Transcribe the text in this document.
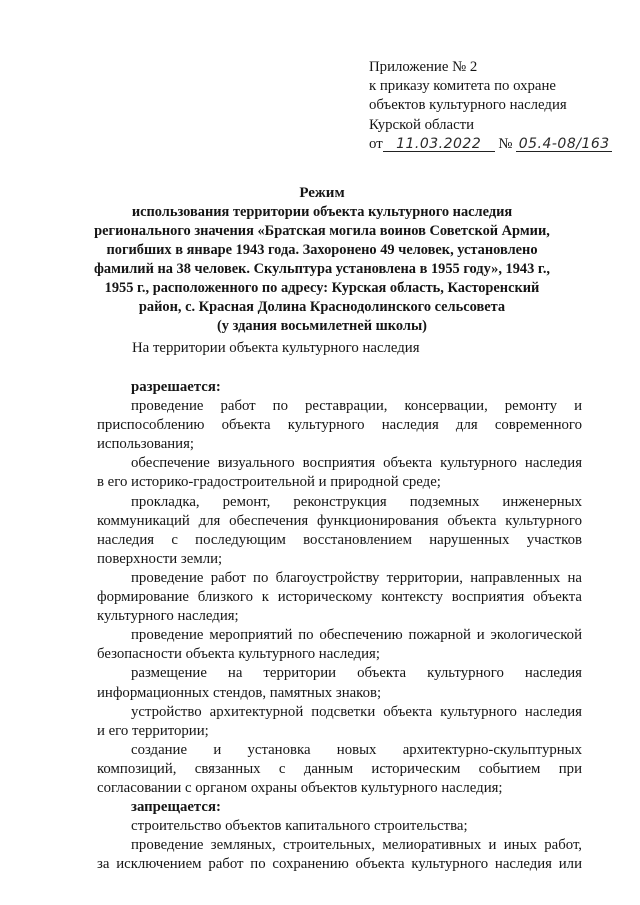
Приложение № 2
к приказу комитета по охране
объектов культурного наследия
Курской области
от 11.03.2022 № 05.4-08/163
Режим
использования территории объекта культурного наследия
регионального значения «Братская могила воинов Советской Армии,
погибших в январе 1943 года. Захоронено 49 человек, установлено
фамилий на 38 человек. Скульптура установлена в 1955 году», 1943 г.,
1955 г., расположенного по адресу: Курская область, Касторенский
район, с. Красная Долина Краснодолинского сельсовета
(у здания восьмилетней школы)
На территории объекта культурного наследия
разрешается:
проведение работ по реставрации, консервации, ремонту и
приспособлению объекта культурного наследия для современного
использования;
обеспечение визуального восприятия объекта культурного наследия
в его историко-градостроительной и природной среде;
прокладка, ремонт, реконструкция подземных инженерных
коммуникаций для обеспечения функционирования объекта культурного
наследия с последующим восстановлением нарушенных участков
поверхности земли;
проведение работ по благоустройству территории, направленных на
формирование близкого к историческому контексту восприятия объекта
культурного наследия;
проведение мероприятий по обеспечению пожарной и экологической
безопасности объекта культурного наследия;
размещение на территории объекта культурного наследия
информационных стендов, памятных знаков;
устройство архитектурной подсветки объекта культурного наследия
и его территории;
создание и установка новых архитектурно-скульптурных
композиций, связанных с данным историческим событием при
согласовании с органом охраны объектов культурного наследия;
запрещается:
строительство объектов капитального строительства;
проведение земляных, строительных, мелиоративных и иных работ,
за исключением работ по сохранению объекта культурного наследия или
